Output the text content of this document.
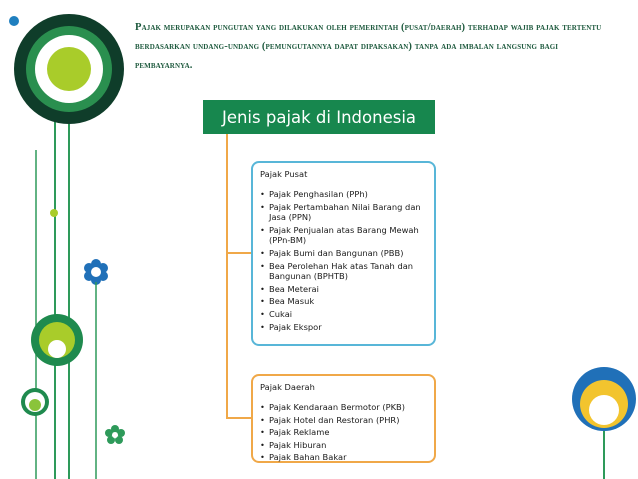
Pajak merupakan pungutan yang dilakukan oleh pemerintah (pusat/daerah) terhadap wajib pajak tertentu berdasarkan undang-undang (pemungutannya dapat dipaksakan) tanpa ada imbalan langsung bagi pembayarnya.
Jenis pajak di Indonesia
Pajak Pusat
• Pajak Penghasilan (PPh)
• Pajak Pertambahan Nilai Barang dan Jasa (PPN)
• Pajak Penjualan atas Barang Mewah (PPn-BM)
• Pajak Bumi dan Bangunan (PBB)
• Bea Perolehan Hak atas Tanah dan Bangunan (BPHTB)
• Bea Meterai
• Bea Masuk
• Cukai
• Pajak Ekspor
Pajak Daerah
• Pajak Kendaraan Bermotor (PKB)
• Pajak Hotel dan Restoran (PHR)
• Pajak Reklame
• Pajak Hiburan
• Pajak Bahan Bakar
